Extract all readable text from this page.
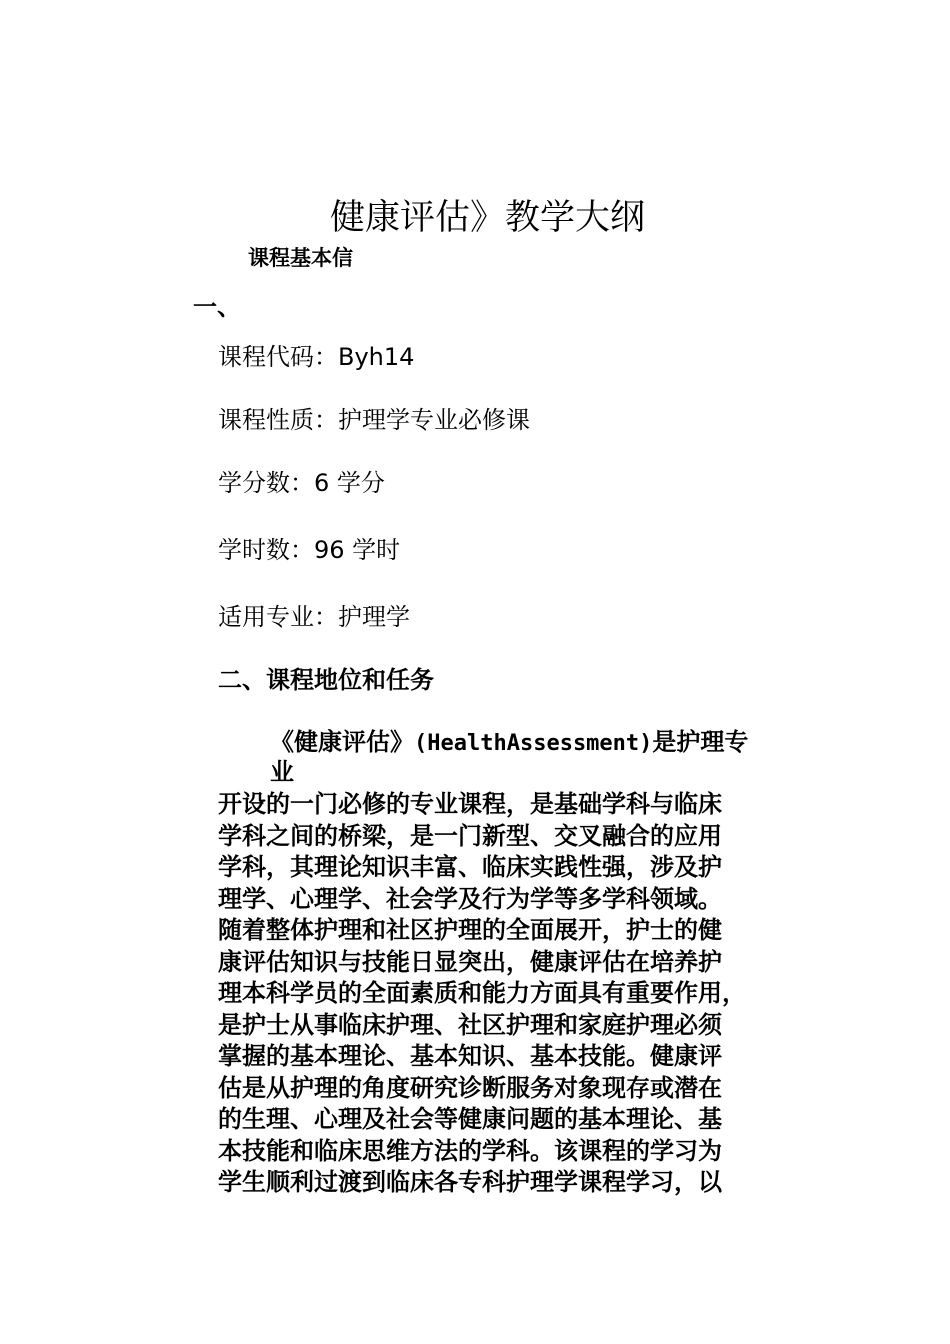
健康评估》教学大纲
课程基本信
一、
课程代码：Byh14
课程性质：护理学专业必修课
学分数：6 学分
学时数：96 学时
适用专业：护理学
二、课程地位和任务
《健康评估》(HealthAssessment)是护理专
业
开设的一门必修的专业课程，是基础学科与临床
学科之间的桥梁，是一门新型、交叉融合的应用
学科，其理论知识丰富、临床实践性强，涉及护
理学、心理学、社会学及行为学等多学科领域。
随着整体护理和社区护理的全面展开，护士的健
康评估知识与技能日显突出，健康评估在培养护
理本科学员的全面素质和能力方面具有重要作用，
是护士从事临床护理、社区护理和家庭护理必须
掌握的基本理论、基本知识、基本技能。健康评
估是从护理的角度研究诊断服务对象现存或潜在
的生理、心理及社会等健康问题的基本理论、基
本技能和临床思维方法的学科。该课程的学习为
学生顺利过渡到临床各专科护理学课程学习，以
